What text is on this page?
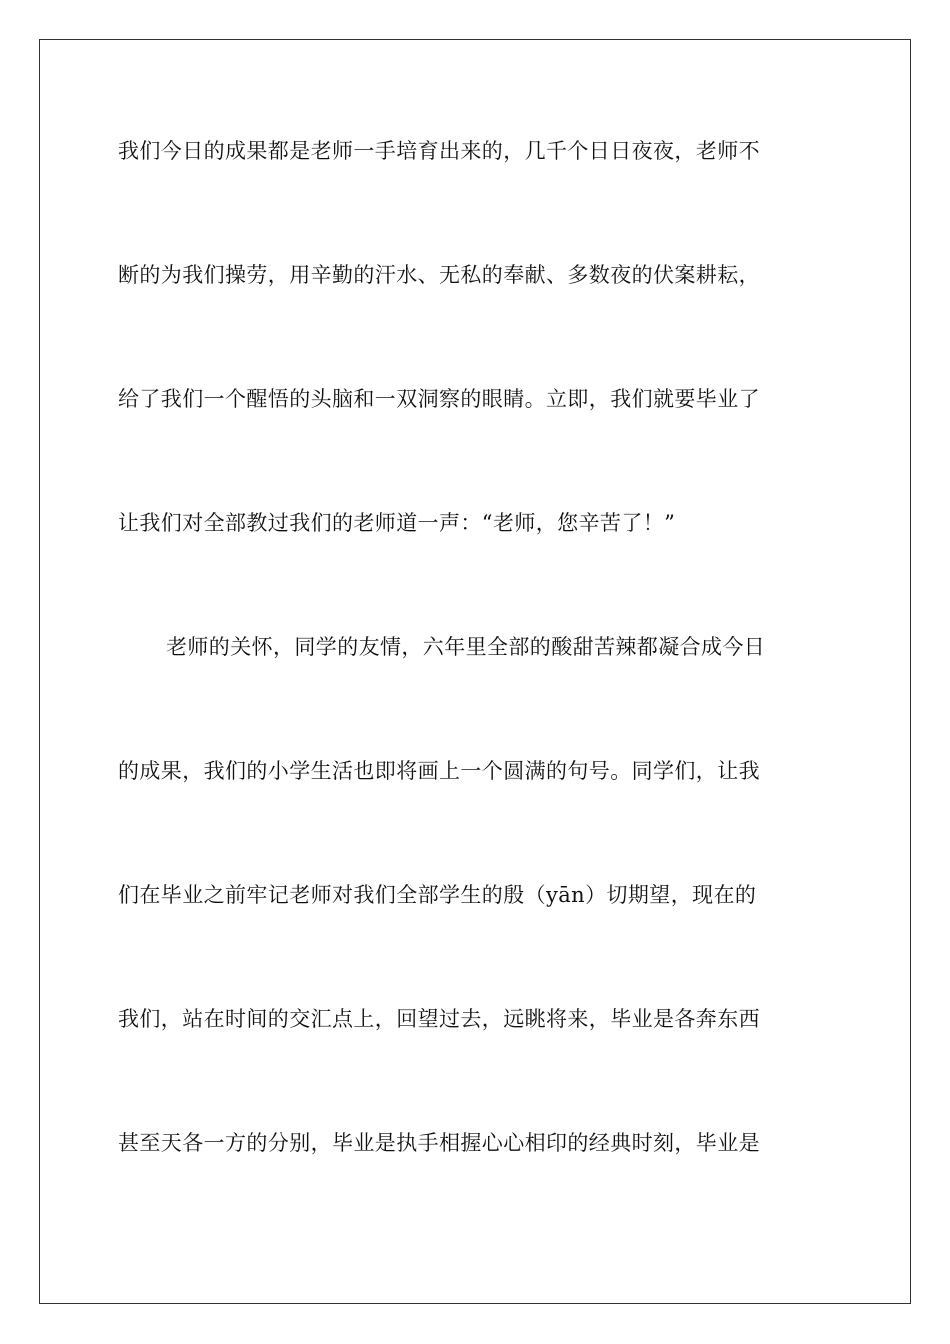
我们今日的成果都是老师一手培育出来的，几千个日日夜夜，老师不
断的为我们操劳，用辛勤的汗水、无私的奉献、多数夜的伏案耕耘，
给了我们一个醒悟的头脑和一双洞察的眼睛。立即，我们就要毕业了
让我们对全部教过我们的老师道一声：“老师，您辛苦了！”
老师的关怀，同学的友情，六年里全部的酸甜苦辣都凝合成今日
的成果，我们的小学生活也即将画上一个圆满的句号。同学们，让我
们在毕业之前牢记老师对我们全部学生的殷（yān）切期望，现在的
我们，站在时间的交汇点上，回望过去，远眺将来，毕业是各奔东西
甚至天各一方的分别，毕业是执手相握心心相印的经典时刻，毕业是
